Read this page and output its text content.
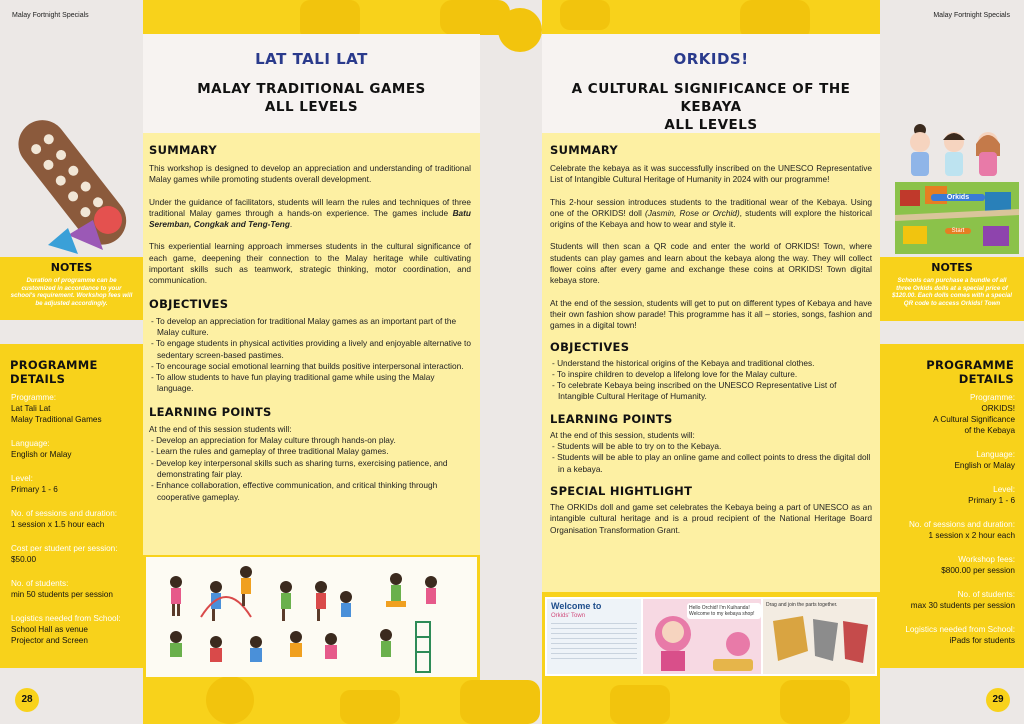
Malay Fortnight Specials	Malay Fortnight Specials
LAT TALI LAT
MALAY TRADITIONAL GAMES
ALL LEVELS
SUMMARY
This workshop is designed to develop an appreciation and understanding of traditional Malay games while promoting students overall development.
Under the guidance of facilitators, students will learn the rules and techniques of three traditional Malay games through a hands-on experience. The games include Batu Seremban, Congkak and Teng-Teng.
This experiential learning approach immerses students in the cultural significance of each game, deepening their connection to the Malay heritage while cultivating important skills such as teamwork, strategic thinking, motor coordination, and communication.
OBJECTIVES
- To develop an appreciation for traditional Malay games as an important part of the Malay culture.
- To engage students in physical activities providing a lively and enjoyable alternative to sedentary screen-based pastimes.
- To encourage social emotional learning that builds positive interpersonal interaction.
- To allow students to have fun playing traditional game while using the Malay language.
LEARNING POINTS
At the end of this session students will:
- Develop an appreciation for Malay culture through hands-on play.
- Learn the rules and gameplay of three traditional Malay games.
- Develop key interpersonal skills such as sharing turns, exercising patience, and demonstrating fair play.
- Enhance collaboration, effective communication, and critical thinking through cooperative gameplay.
NOTES
Duration of programme can be customized in accordance to your school's requirement. Workshop fees will be adjusted accordingly.
PROGRAMME DETAILS
Programme:
Lat Tali Lat
Malay Traditional Games
Language:
English or Malay
Level:
Primary 1 - 6
No. of sessions and duration:
1 session x 1.5 hour each
Cost per student per session:
$50.00
No. of students:
min 50 students per session
Logistics needed from School:
School Hall as venue
Projector and Screen
28
ORKIDS!
A CULTURAL SIGNIFICANCE OF THE KEBAYA
ALL LEVELS
SUMMARY
Celebrate the kebaya as it was successfully inscribed on the UNESCO Representative List of Intangible Cultural Heritage of Humanity in 2024 with our programme!
This 2-hour session introduces students to the traditional wear of the Kebaya. Using one of the ORKIDS! doll (Jasmin, Rose or Orchid), students will explore the historical origins of the Kebaya and how to wear and style it.
Students will then scan a QR code and enter the world of ORKIDS! Town, where students can play games and learn about the kebaya along the way. They will collect flower coins after every game and exchange these coins at ORKIDS! Town digital kebaya store.
At the end of the session, students will get to put on different types of Kebaya and have their own fashion show parade! This programme has it all – stories, songs, fashion and games in a digital town!
OBJECTIVES
- Understand the historical origins of the Kebaya and traditional clothes.
- To inspire children to develop a lifelong love for the Malay culture.
- To celebrate Kebaya being inscribed on the UNESCO Representative List of Intangible Cultural Heritage of Humanity.
LEARNING POINTS
At the end of this session, students will:
- Students will be able to try on to the Kebaya.
- Students will be able to play an online game and collect points to dress the digital doll in a kebaya.
SPECIAL HIGHTLIGHT
The ORKIDs doll and game set celebrates the Kebaya being a part of UNESCO as an intangible cultural heritage and is a proud recipient of the National Heritage Board Organisation Transformation Grant.
Welcome to
Orkids' Town
Hello Orchid! I'm Kuihanda! Welcome to my kebaya shop!
Drag and join the parts together.
Orkids
Start
NOTES
Schools can purchase a bundle of all three Orkids dolls at a special price of $120.00. Each dolls comes with a special QR code to access Orkids! Town
PROGRAMME DETAILS
Programme:
ORKIDS!
A Cultural Significance
of the Kebaya
Language:
English or Malay
Level:
Primary 1 - 6
No. of sessions and duration:
1 session x 2 hour each
Workshop fees:
$800.00 per session
No. of students:
max 30 students per session
Logistics needed from School:
iPads for students
29
